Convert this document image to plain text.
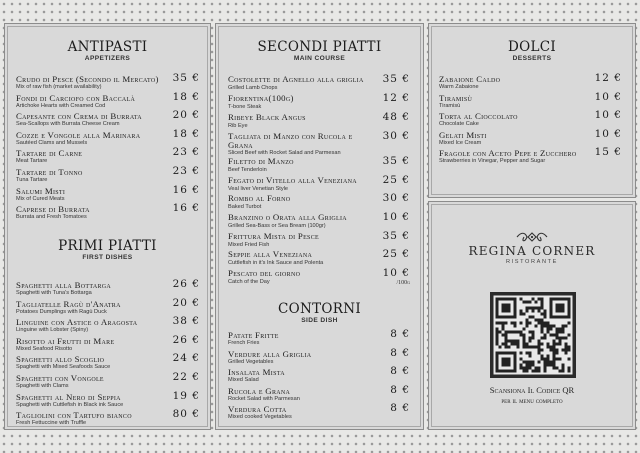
ANTIPASTI
APPETIZERS
Crudo di Pesce (Secondo il Mercato)
Mix of raw fish (market availability)
35 €
Fondi di Carciofo con Baccalà
Artichoke Hearts with Creamed Cod
18 €
Capesante con Crema di Burrata
Sea-Scallops with Burrata Cheese Cream
20 €
Cozze e Vongole alla Marinara
Sautéed Clams and Mussels
18 €
Tartare di Carne
Meat Tartare
23 €
Tartare di Tonno
Tuna Tartare
23 €
Salumi Misti
Mix of Cured Meats
16 €
Caprese di Burrata
Burrata and Fresh Tomatoes
16 €
PRIMI PIATTI
FIRST DISHES
Spaghetti alla Bottarga
Spaghetti with Tuna's Bottarga
26 €
Tagliatelle Ragù d'Anatra
Potatoes Dumplings with Ragù Duck
20 €
Linguine con Astice o Aragosta
Linguine with Lobster (Spiny)
38 €
Risotto ai Frutti di Mare
Mixed Seafood Risotto
26 €
Spaghetti allo Scoglio
Spaghetti with Mixed Seafoods Sauce
24 €
Spaghetti con Vongole
Spaghetti with Clams
22 €
Spaghetti al Nero di Seppia
Spaghetti with Cuttlefish in Black ink Sauce
19 €
Tagliolini con Tartufo bianco
Fresh Fettuccine with Truffle
80 €
SECONDI PIATTI
MAIN COURSE
Costolette di Agnello alla griglia
Grilled Lamb Chops
35 €
Fiorentina(100g)
T-bone Steak
12 €
Ribeye Black Angus
Rib Eye
48 €
Tagliata di Manzo con Rucola e Grana
Sliced Beef with Rocket Salad and Parmesan
30 €
Filetto di Manzo
Beef Tenderloin
35 €
Fegato di Vitello alla Veneziana
Veal liver Venetian Style
25 €
Rombo al Forno
Baked Turbot
30 €
Branzino o Orata alla Griglia
Grilled Sea-Bass or Sea Bream (100gr)
10 €
Frittura Mista di Pesce
Mixed Fried Fish
35 €
Seppie alla Veneziana
Cuttlefish in it's Ink Sauce and Polenta
25 €
Pescato del giorno
Catch of the Day
10 €
/100g
CONTORNI
SIDE DISH
Patate Fritte
French Fries
8 €
Verdure alla Griglia
Grilled Vegetables
8 €
Insalata Mista
Mixed Salad
8 €
Rucola e Grana
Rocket Salad with Parmesan
8 €
Verdura Cotta
Mixed cooked Vegetables
8 €
DOLCI
DESSERTS
Zabaione Caldo
Warm Zabaione
12 €
Tiramisù
Tiramisù
10 €
Torta al Cioccolato
Chocolate Cake
10 €
Gelati Misti
Mixed Ice Cream
10 €
Fragole con Aceto Pepe e Zucchero
Strawberries in Vinegar, Pepper and Sugar
15 €
REGINA CORNER
RISTORANTE
Scansiona Il Codice QR
per il menu completo
